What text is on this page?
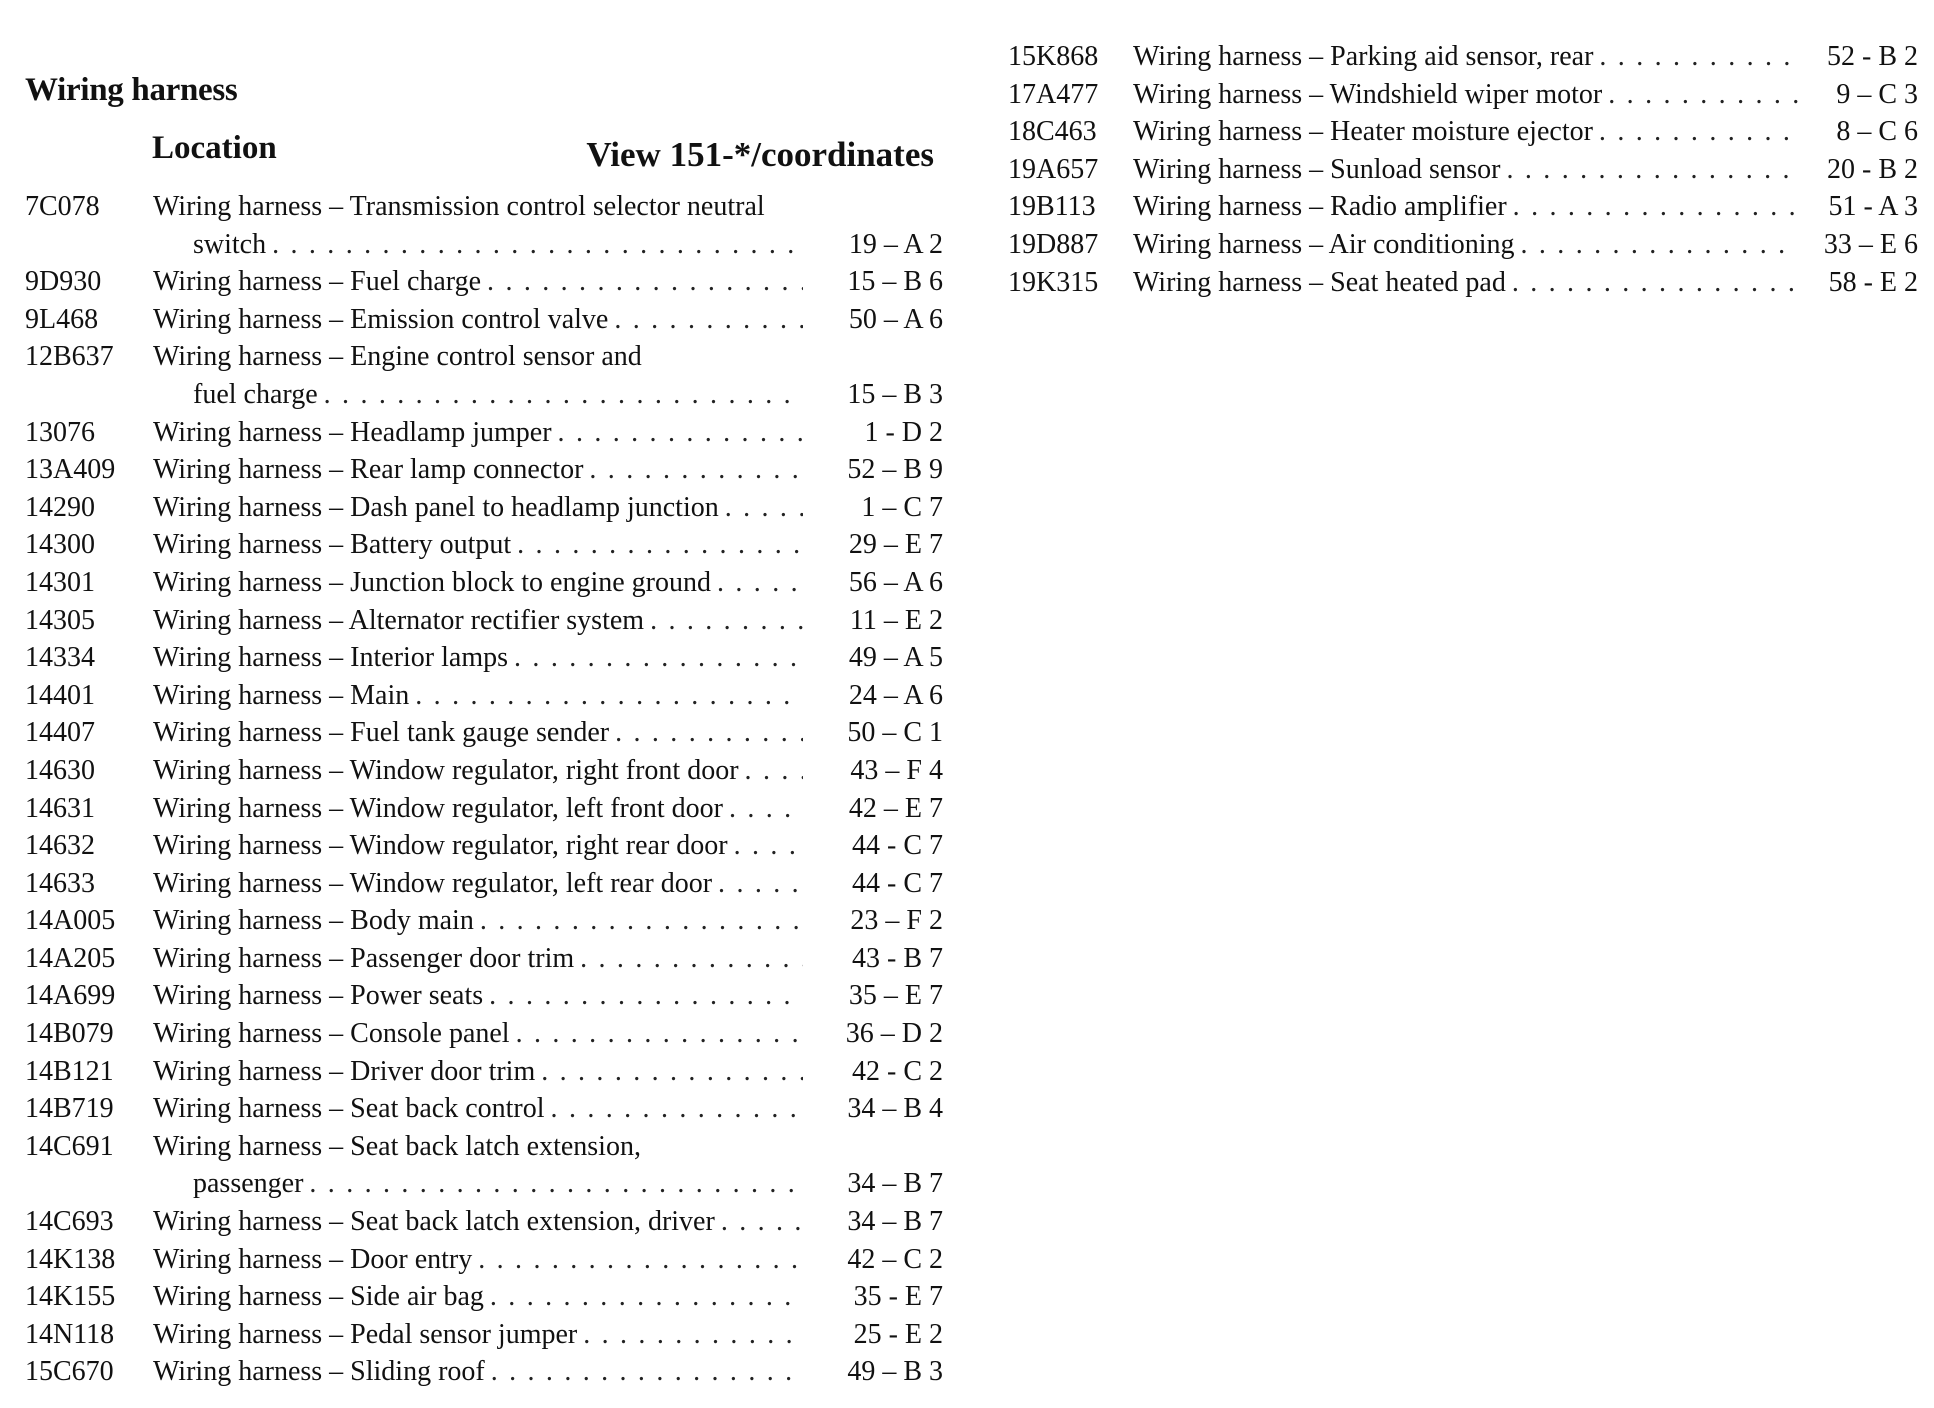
Wiring harness
Location	View 151-*/coordinates
7C078	Wiring harness – Transmission control selector neutral
switch . . .	19 – A 2
9D930	Wiring harness – Fuel charge . . .	15 – B 6
9L468	Wiring harness – Emission control valve . . .	50 – A 6
12B637	Wiring harness – Engine control sensor and
fuel charge . . .	15 – B 3
13076	Wiring harness – Headlamp jumper . . .	1 - D 2
13A409	Wiring harness – Rear lamp connector . . .	52 – B 9
14290	Wiring harness – Dash panel to headlamp junction . . .	1 – C 7
14300	Wiring harness – Battery output . . .	29 – E 7
14301	Wiring harness – Junction block to engine ground . . .	56 – A 6
14305	Wiring harness – Alternator rectifier system . . .	11 – E 2
14334	Wiring harness – Interior lamps . . .	49 – A 5
14401	Wiring harness – Main . . .	24 – A 6
14407	Wiring harness – Fuel tank gauge sender . . .	50 – C 1
14630	Wiring harness – Window regulator, right front door . . .	43 – F 4
14631	Wiring harness – Window regulator, left front door . . .	42 – E 7
14632	Wiring harness – Window regulator, right rear door . . .	44 - C 7
14633	Wiring harness – Window regulator, left rear door . . .	44 - C 7
14A005	Wiring harness – Body main . . .	23 – F 2
14A205	Wiring harness – Passenger door trim . . .	43 - B 7
14A699	Wiring harness – Power seats . . .	35 – E 7
14B079	Wiring harness – Console panel . . .	36 – D 2
14B121	Wiring harness – Driver door trim . . .	42 - C 2
14B719	Wiring harness – Seat back control . . .	34 – B 4
14C691	Wiring harness – Seat back latch extension,
passenger . . .	34 – B 7
14C693	Wiring harness – Seat back latch extension, driver . . .	34 – B 7
14K138	Wiring harness – Door entry . . .	42 – C 2
14K155	Wiring harness – Side air bag . . .	35 - E 7
14N118	Wiring harness – Pedal sensor jumper . . .	25 - E 2
15C670	Wiring harness – Sliding roof . . .	49 – B 3
15K868	Wiring harness – Parking aid sensor, rear . . .	52 - B 2
17A477	Wiring harness – Windshield wiper motor . . .	9 – C 3
18C463	Wiring harness – Heater moisture ejector . . .	8 – C 6
19A657	Wiring harness – Sunload sensor . . .	20 - B 2
19B113	Wiring harness – Radio amplifier . . .	51 - A 3
19D887	Wiring harness – Air conditioning . . .	33 – E 6
19K315	Wiring harness – Seat heated pad . . .	58 - E 2
